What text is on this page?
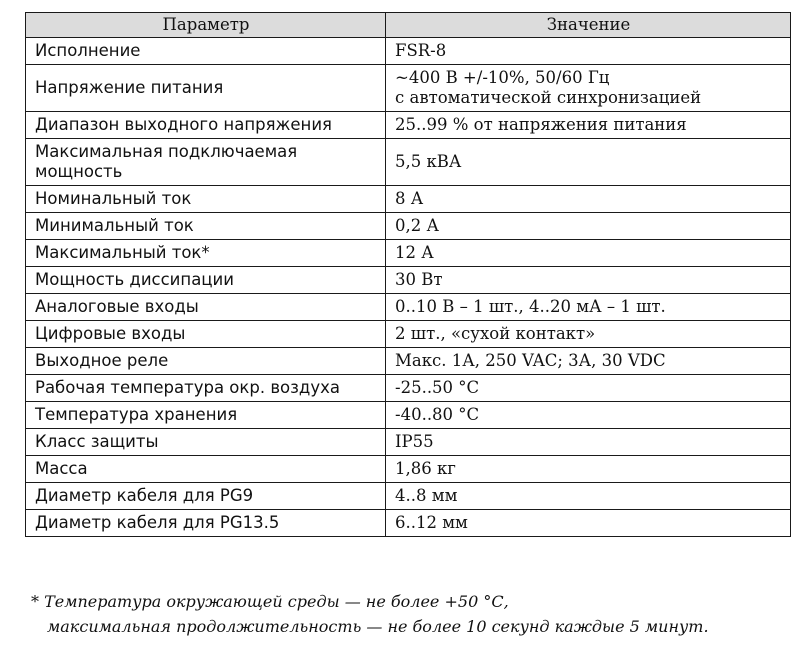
Параметр	Значение
Исполнение	FSR-8

Напряжение питания	~400 В +/-10%, 50/60 Гц
с автоматической синхронизацией

Диапазон выходного напряжения	25..99 % от напряжения питания

Максимальная подключаемая мощность	5,5 кВА

Номинальный ток	8 А

Минимальный ток	0,2 А

Максимальный ток*	12 А

Мощность диссипации	30 Вт

Аналоговые входы	0..10 В – 1 шт., 4..20 мА – 1 шт.

Цифровые входы	2 шт., «сухой контакт»

Выходное реле	Макс. 1А, 250 VAC; 3А, 30 VDC

Рабочая температура окр. воздуха	-25..50 °С

Температура хранения	-40..80 °С

Класс защиты	IP55

Масса	1,86 кг

Диаметр кабеля для PG9	4..8 мм

Диаметр кабеля для PG13.5	6..12 мм
* Температура окружающей среды — не более +50 °С,
максимальная продолжительность — не более 10 секунд каждые 5 минут.
